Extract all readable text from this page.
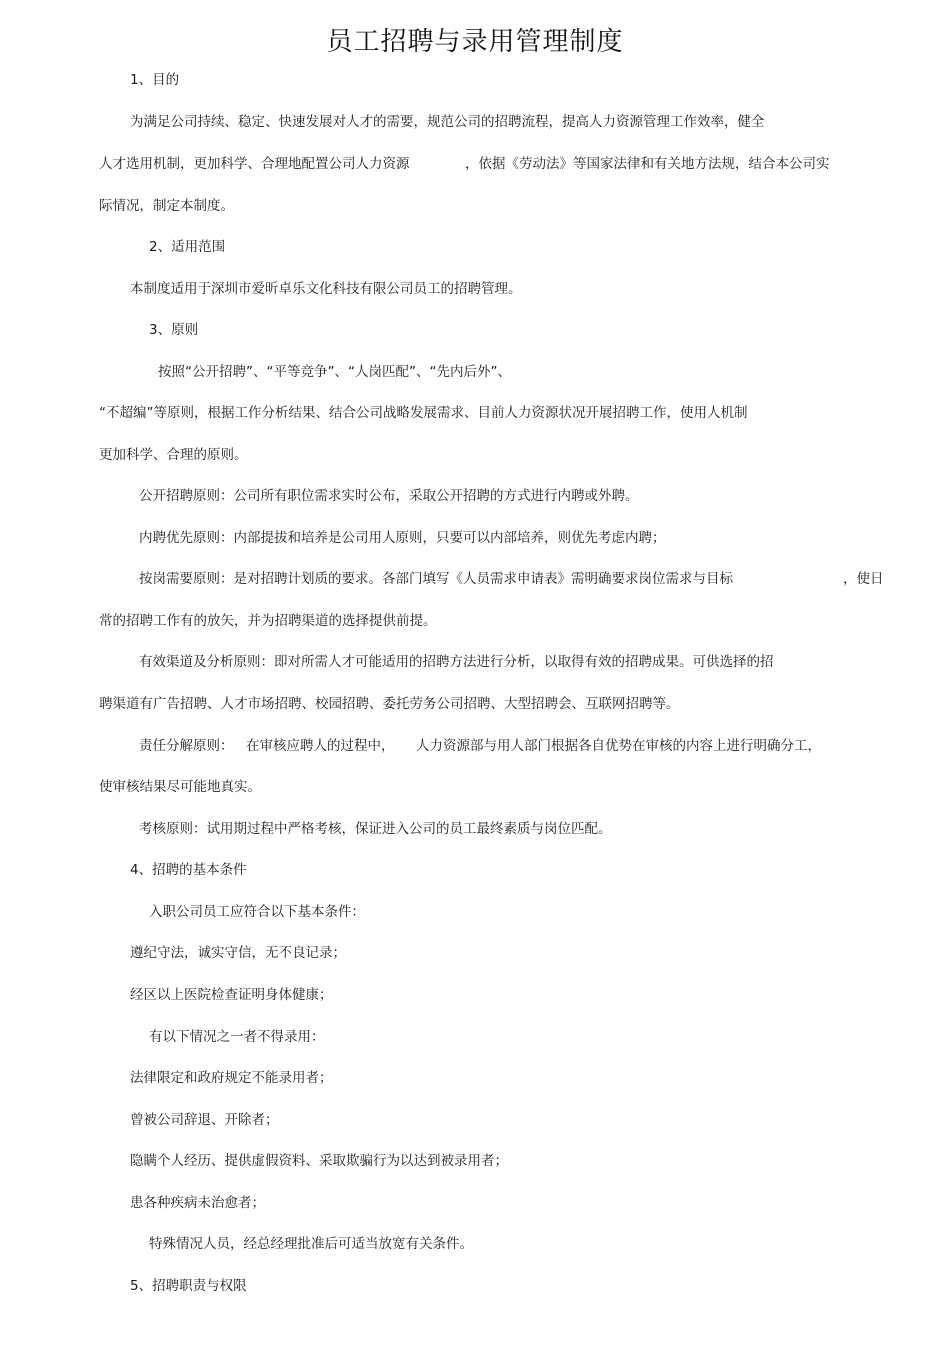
员工招聘与录用管理制度
1、目的
为满足公司持续、稳定、快速发展对人才的需要，规范公司的招聘流程，提高人力资源管理工作效率，健全
人才选用机制，更加科学、合理地配置公司人力资源	，依据《劳动法》等国家法律和有关地方法规，结合本公司实
际情况，制定本制度。
2、适用范围
本制度适用于深圳市爱昕卓乐文化科技有限公司员工的招聘管理。
3、原则
按照“公开招聘”、“平等竞争”、“人岗匹配”、“先内后外”、
“不超编”等原则，根据工作分析结果、结合公司战略发展需求、目前人力资源状况开展招聘工作，使用人机制
更加科学、合理的原则。
公开招聘原则：公司所有职位需求实时公布，采取公开招聘的方式进行内聘或外聘。
内聘优先原则：内部提拔和培养是公司用人原则，只要可以内部培养，则优先考虑内聘；
按岗需要原则：是对招聘计划质的要求。各部门填写《人员需求申请表》需明确要求岗位需求与目标	，使日
常的招聘工作有的放矢，并为招聘渠道的选择提供前提。
有效渠道及分析原则：即对所需人才可能适用的招聘方法进行分析，以取得有效的招聘成果。可供选择的招
聘渠道有广告招聘、人才市场招聘、校园招聘、委托劳务公司招聘、大型招聘会、互联网招聘等。
责任分解原则： 在审核应聘人的过程中， 人力资源部与用人部门根据各自优势在审核的内容上进行明确分工，
使审核结果尽可能地真实。
考核原则：试用期过程中严格考核，保证进入公司的员工最终素质与岗位匹配。
4、招聘的基本条件
入职公司员工应符合以下基本条件：
遵纪守法，诚实守信，无不良记录；
经区以上医院检查证明身体健康；
有以下情况之一者不得录用：
法律限定和政府规定不能录用者；
曾被公司辞退、开除者；
隐瞒个人经历、提供虚假资料、采取欺骗行为以达到被录用者；
患各种疾病未治愈者；
特殊情况人员，经总经理批准后可适当放宽有关条件。
5、招聘职责与权限
